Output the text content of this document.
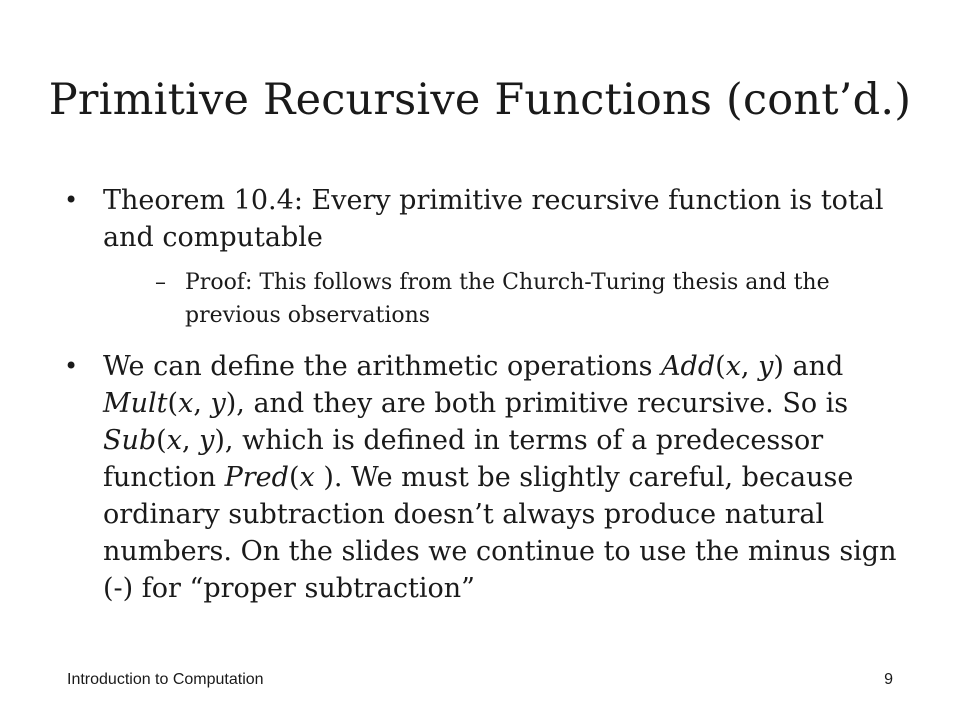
Primitive Recursive Functions (cont’d.)
• Theorem 10.4: Every primitive recursive function is total and computable
– Proof: This follows from the Church-Turing thesis and the previous observations
• We can define the arithmetic operations Add(x, y) and Mult(x, y), and they are both primitive recursive. So is Sub(x, y), which is defined in terms of a predecessor function Pred(x ). We must be slightly careful, because ordinary subtraction doesn’t always produce natural numbers. On the slides we continue to use the minus sign (-) for “proper subtraction”
Introduction to Computation	9
